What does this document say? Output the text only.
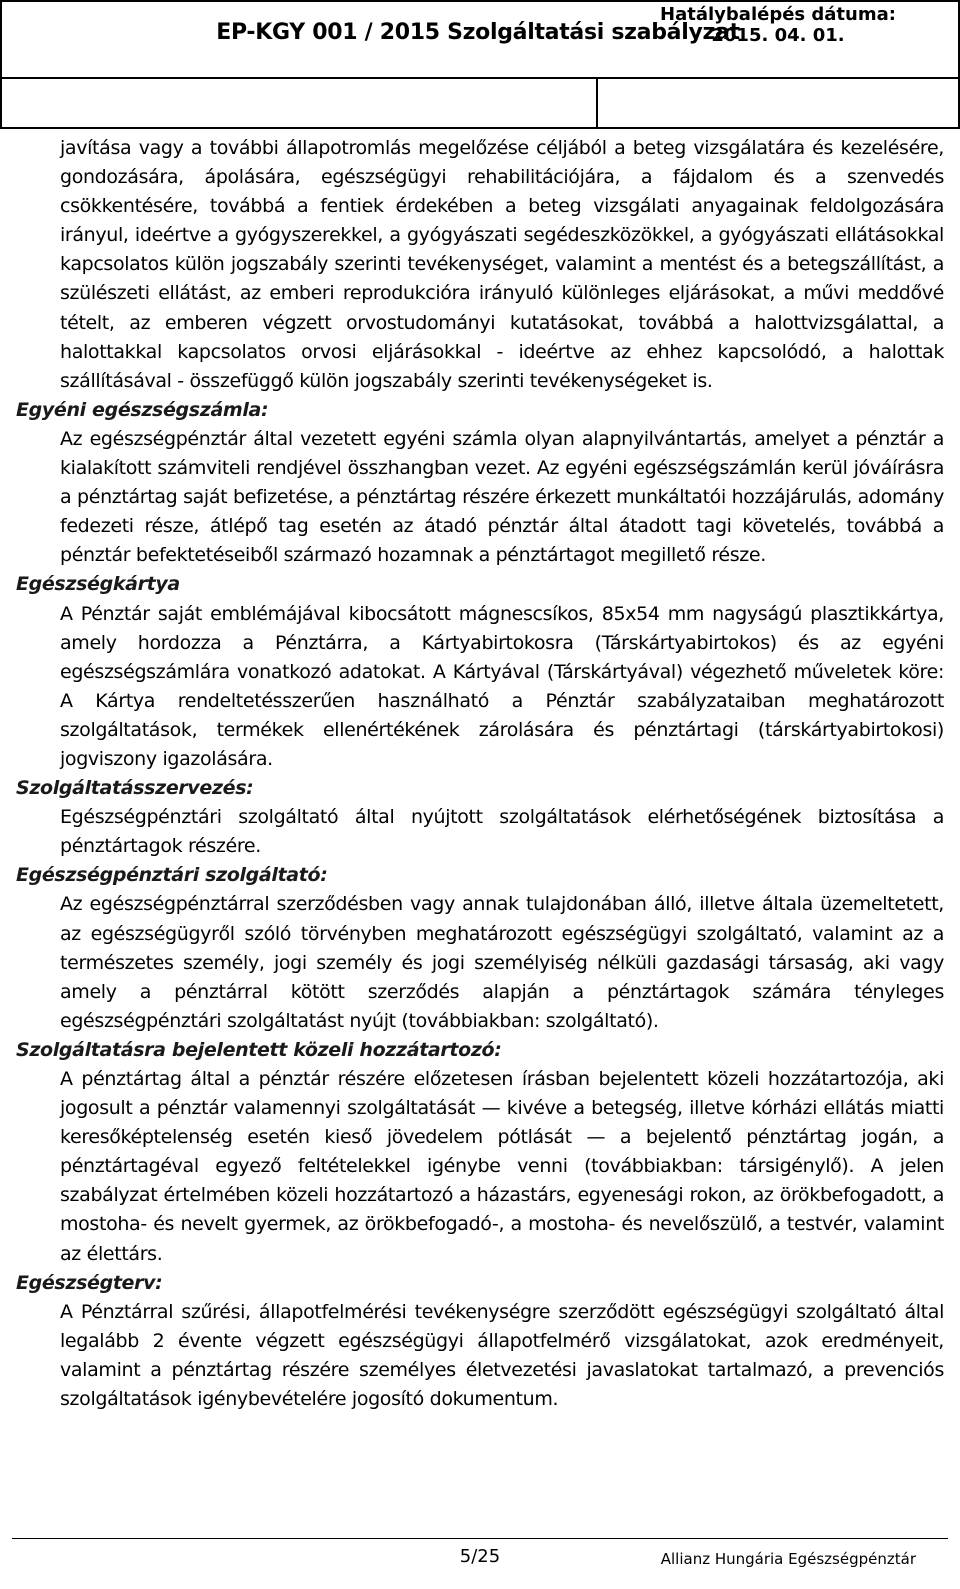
EP-KGY 001 / 2015 Szolgáltatási szabályzat
Hatálybalépés dátuma:
2015. 04. 01.

javítása vagy a további állapotromlás megelőzése céljából a beteg vizsgálatára és kezelésére, gondozására, ápolására, egészségügyi rehabilitációjára, a fájdalom és a szenvedés csökkentésére, továbbá a fentiek érdekében a beteg vizsgálati anyagainak feldolgozására irányul, ideértve a gyógyszerekkel, a gyógyászati segédeszközökkel, a gyógyászati ellátásokkal kapcsolatos külön jogszabály szerinti tevékenységet, valamint a mentést és a betegszállítást, a szülészeti ellátást, az emberi reprodukcióra irányuló különleges eljárásokat, a művi meddővé tételt, az emberen végzett orvostudományi kutatásokat, továbbá a halottvizsgálattal, a halottakkal kapcsolatos orvosi eljárásokkal - ideértve az ehhez kapcsolódó, a halottak szállításával - összefüggő külön jogszabály szerinti tevékenységeket is.

Egyéni egészségszámla:

Az egészségpénztár által vezetett egyéni számla olyan alapnyilvántartás, amelyet a pénztár a kialakított számviteli rendjével összhangban vezet. Az egyéni egészségszámlán kerül jóváírásra a pénztártag saját befizetése, a pénztártag részére érkezett munkáltatói hozzájárulás, adomány fedezeti része, átlépő tag esetén az átadó pénztár által átadott tagi követelés, továbbá a pénztár befektetéseiből származó hozamnak a pénztártagot megillető része.

Egészségkártya

A Pénztár saját emblémájával kibocsátott mágnescsíkos, 85x54 mm nagyságú plasztikkártya, amely hordozza a Pénztárra, a Kártyabirtokosra (Társkártyabirtokos) és az egyéni egészségszámlára vonatkozó adatokat. A Kártyával (Társkártyával) végezhető műveletek köre: A Kártya rendeltetésszerűen használható a Pénztár szabályzataiban meghatározott szolgáltatások, termékek ellenértékének zárolására és pénztártagi (társkártyabirtokosi) jogviszony igazolására.

Szolgáltatásszervezés:

Egészségpénztári szolgáltató által nyújtott szolgáltatások elérhetőségének biztosítása a pénztártagok részére.

Egészségpénztári szolgáltató:

Az egészségpénztárral szerződésben vagy annak tulajdonában álló, illetve általa üzemeltetett, az egészségügyről szóló törvényben meghatározott egészségügyi szolgáltató, valamint az a természetes személy, jogi személy és jogi személyiség nélküli gazdasági társaság, aki vagy amely a pénztárral kötött szerződés alapján a pénztártagok számára tényleges egészségpénztári szolgáltatást nyújt (továbbiakban: szolgáltató).

Szolgáltatásra bejelentett közeli hozzátartozó:

A pénztártag által a pénztár részére előzetesen írásban bejelentett közeli hozzátartozója, aki jogosult a pénztár valamennyi szolgáltatását — kivéve a betegség, illetve kórházi ellátás miatti keresőképtelenség esetén kieső jövedelem pótlását — a bejelentő pénztártag jogán, a pénztártagéval egyező feltételekkel igénybe venni (továbbiakban: társigénylő). A jelen szabályzat értelmében közeli hozzátartozó a házastárs, egyenesági rokon, az örökbefogadott, a mostoha- és nevelt gyermek, az örökbefogadó-, a mostoha- és nevelőszülő, a testvér, valamint az élettárs.

Egészségterv:

A Pénztárral szűrési, állapotfelmérési tevékenységre szerződött egészségügyi szolgáltató által legalább 2 évente végzett egészségügyi állapotfelmérő vizsgálatokat, azok eredményeit, valamint a pénztártag részére személyes életvezetési javaslatokat tartalmazó, a prevenciós szolgáltatások igénybevételére jogosító dokumentum.

5/25	Allianz Hungária Egészségpénztár
